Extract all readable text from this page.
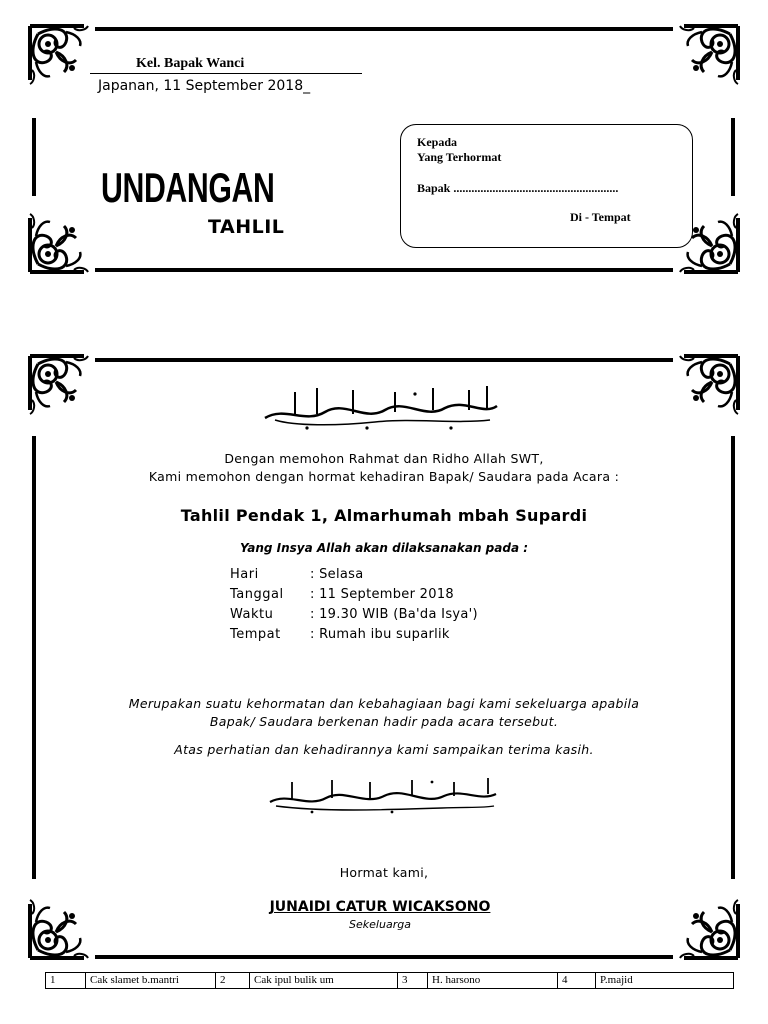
Kel. Bapak Wanci
Japanan, 11 September 2018_
UNDANGAN
TAHLIL
Kepada
Yang Terhormat
Bapak .......................................................
Di - Tempat
Dengan memohon Rahmat dan Ridho Allah SWT,
Kami memohon dengan hormat kehadiran Bapak/ Saudara pada Acara :
Tahlil Pendak 1, Almarhumah mbah Supardi
Yang Insya Allah akan dilaksanakan pada :
Hari	: Selasa
Tanggal : 11 September 2018
Waktu	: 19.30 WIB (Ba'da Isya')
Tempat : Rumah ibu suparlik
Merupakan suatu kehormatan dan kebahagiaan bagi kami sekeluarga apabila
Bapak/ Saudara berkenan hadir pada acara tersebut.
Atas perhatian dan kehadirannya kami sampaikan terima kasih.
Hormat kami,
JUNAIDI CATUR WICAKSONO
Sekeluarga
1	Cak slamet b.mantri	2	Cak ipul bulik um	3	H. harsono	4	P.majid
